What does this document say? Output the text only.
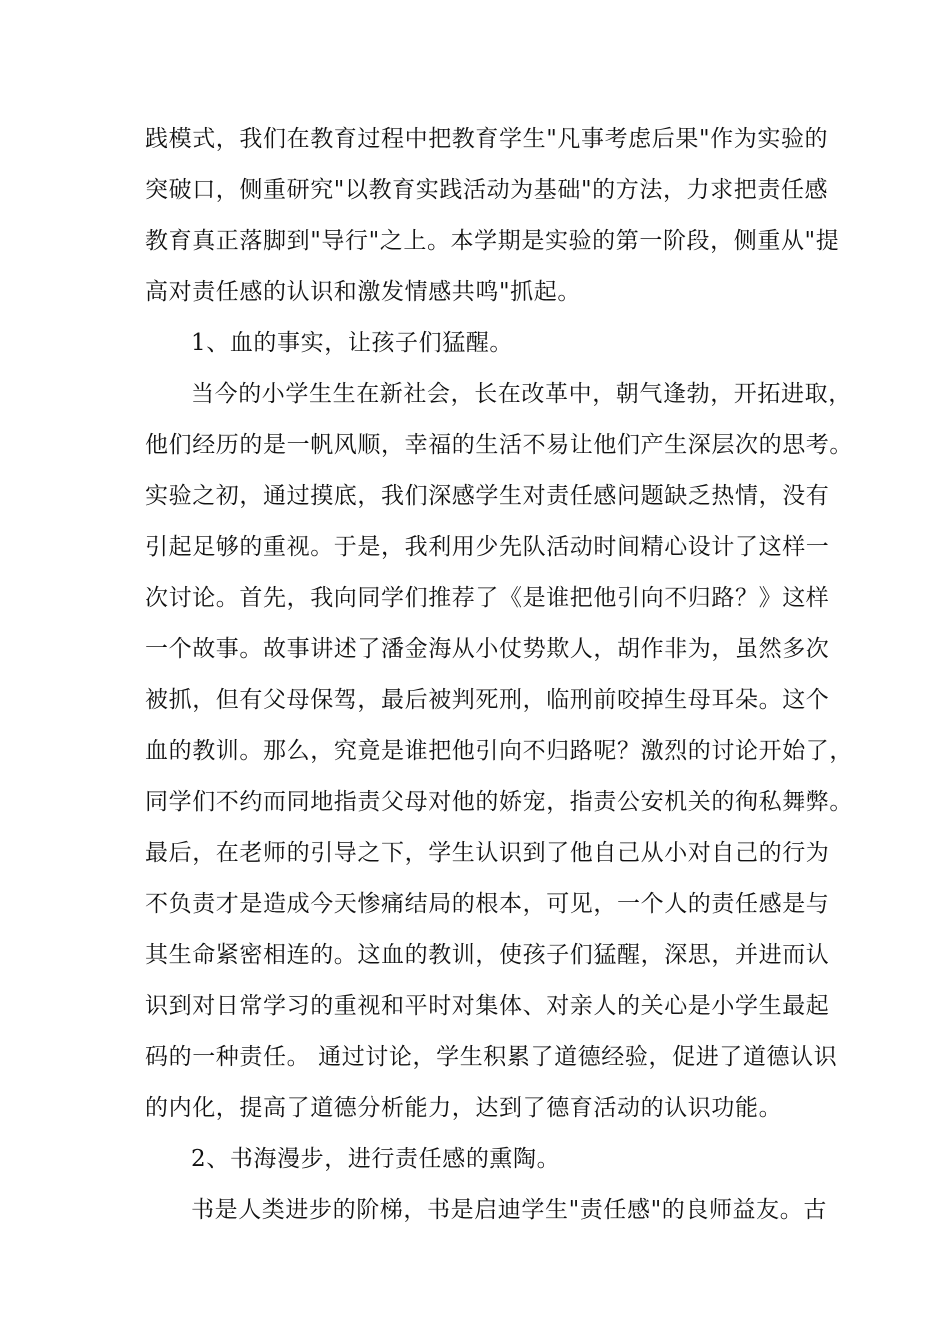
践模式，我们在教育过程中把教育学生"凡事考虑后果"作为实验的
突破口，侧重研究"以教育实践活动为基础"的方法，力求把责任感
教育真正落脚到"导行"之上。本学期是实验的第一阶段，侧重从"提
高对责任感的认识和激发情感共鸣"抓起。
1、血的事实，让孩子们猛醒。
当今的小学生生在新社会，长在改革中，朝气逢勃，开拓进取，
他们经历的是一帆风顺，幸福的生活不易让他们产生深层次的思考。
实验之初，通过摸底，我们深感学生对责任感问题缺乏热情，没有
引起足够的重视。于是，我利用少先队活动时间精心设计了这样一
次讨论。首先，我向同学们推荐了《是谁把他引向不归路？》这样
一个故事。故事讲述了潘金海从小仗势欺人，胡作非为，虽然多次
被抓，但有父母保驾，最后被判死刑，临刑前咬掉生母耳朵。这个
血的教训。那么，究竟是谁把他引向不归路呢？激烈的讨论开始了，
同学们不约而同地指责父母对他的娇宠，指责公安机关的徇私舞弊。
最后，在老师的引导之下，学生认识到了他自己从小对自己的行为
不负责才是造成今天惨痛结局的根本，可见，一个人的责任感是与
其生命紧密相连的。这血的教训，使孩子们猛醒，深思，并进而认
识到对日常学习的重视和平时对集体、对亲人的关心是小学生最起
码的一种责任。 通过讨论，学生积累了道德经验，促进了道德认识
的内化，提高了道德分析能力，达到了德育活动的认识功能。
2、书海漫步，进行责任感的熏陶。
书是人类进步的阶梯，书是启迪学生"责任感"的良师益友。古
